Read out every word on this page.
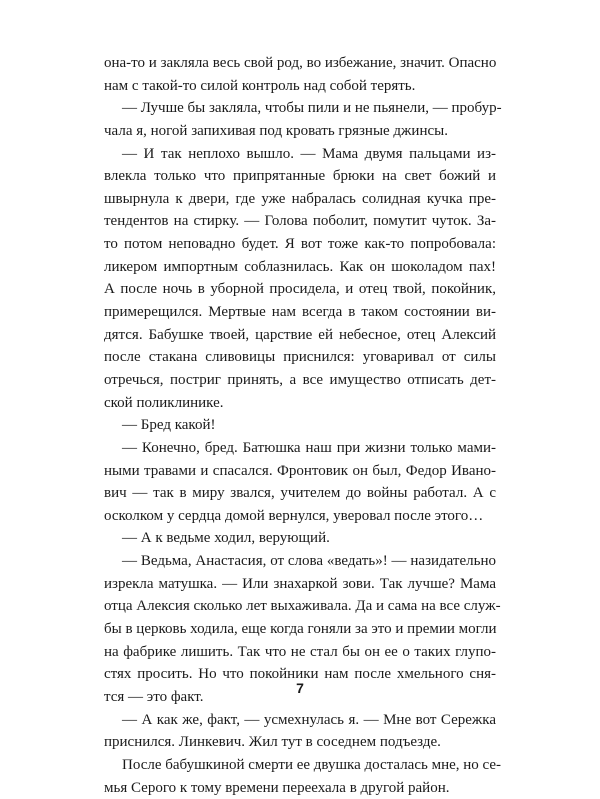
она-то и закляла весь свой род, во избежание, значит. Опасно
нам с такой-то силой контроль над собой терять.
— Лучше бы закляла, чтобы пили и не пьянели, — пробур-
чала я, ногой запихивая под кровать грязные джинсы.
— И так неплохо вышло. — Мама двумя пальцами из-
влекла только что припрятанные брюки на свет божий и
швырнула к двери, где уже набралась солидная кучка пре-
тендентов на стирку. — Голова поболит, помутит чуток. За-
то потом неповадно будет. Я вот тоже как-то попробовала:
ликером импортным соблазнилась. Как он шоколадом пах!
А после ночь в уборной просидела, и отец твой, покойник,
примерещился. Мертвые нам всегда в таком состоянии ви-
дятся. Бабушке твоей, царствие ей небесное, отец Алексий
после стакана сливовицы приснился: уговаривал от силы
отречься, постриг принять, а все имущество отписать дет-
ской поликлинике.
— Бред какой!
— Конечно, бред. Батюшка наш при жизни только мами-
ными травами и спасался. Фронтовик он был, Федор Ивано-
вич — так в миру звался, учителем до войны работал. А с
осколком у сердца домой вернулся, уверовал после этого…
— А к ведьме ходил, верующий.
— Ведьма, Анастасия, от слова «ведать»! — назидательно
изрекла матушка. — Или знахаркой зови. Так лучше? Мама
отца Алексия сколько лет выхаживала. Да и сама на все служ-
бы в церковь ходила, еще когда гоняли за это и премии могли
на фабрике лишить. Так что не стал бы он ее о таких глупо-
стях просить. Но что покойники нам после хмельного сня-
тся — это факт.
— А как же, факт, — усмехнулась я. — Мне вот Сережка
приснился. Линкевич. Жил тут в соседнем подъезде.
После бабушкиной смерти ее двушка досталась мне, но се-
мья Серого к тому времени переехала в другой район.
7
